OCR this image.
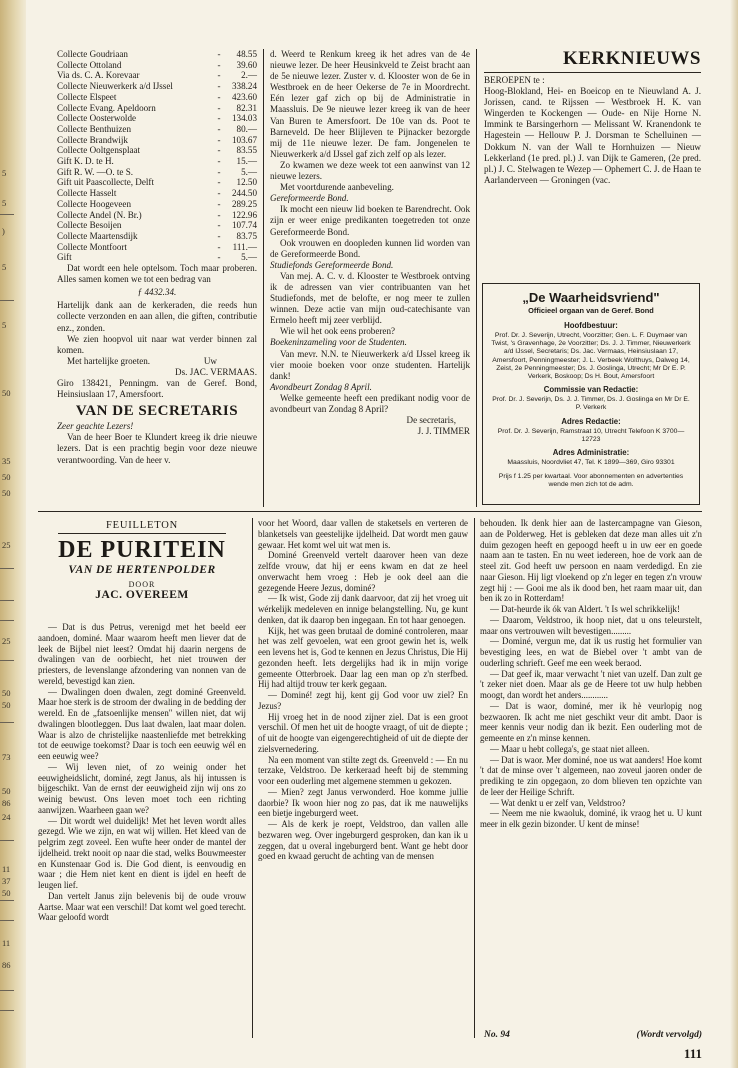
5
5
)
5
5
50
35
50
50
25
25
50
50
73
50
86
24
11
37
50
11
86
Collecte Goudriaan	-	48.55
Collecte Ottoland	-	39.60
Via ds. C. A. Korevaar	-	2.—
Collecte Nieuwerkerk a/d IJssel	-	338.24
Collecte Elspeet	-	423.60
Collecte Evang. Apeldoorn	-	82.31
Collecte Oosterwolde	-	134.03
Collecte Benthuizen	-	80.—
Collecte Brandwijk	-	103.67
Collecte Ooltgensplaat	-	83.55
Gift K. D. te H.	-	15.—
Gift R. W. —O. te S.	-	5.—
Gift uit Paascollecte, Delft	-	12.50
Collecte Hasselt	-	244.50
Collecte Hoogeveen	-	289.25
Collecte Andel (N. Br.)	-	122.96
Collecte Besoijen	-	107.74
Collecte Maartensdijk	-	83.75
Collecte Montfoort	-	111.—
Gift	-	5.—

Dat wordt een hele optelsom. Toch maar proberen. Alles samen komen we tot een bedrag van

ƒ 4432.34.

Hartelijk dank aan de kerkeraden, die reeds hun collecte verzonden en aan allen, die giften, contributie enz., zonden.

We zien hoopvol uit naar wat verder binnen zal komen.

Met hartelijke groeten.	Uw

Ds. JAC. VERMAAS.

Giro 138421, Penningm. van de Geref. Bond, Heinsiuslaan 17, Amersfoort.

VAN DE SECRETARIS

Zeer geachte Lezers!

Van de heer Boer te Klundert kreeg ik drie nieuwe lezers. Dat is een prachtig begin voor deze nieuwe verantwoording. Van de heer v.

d. Weerd te Renkum kreeg ik het adres van de 4e nieuwe lezer. De heer Heusinkveld te Zeist bracht aan de 5e nieuwe lezer. Zuster v. d. Klooster won de 6e in Westbroek en de heer Oekerse de 7e in Moordrecht. Eén lezer gaf zich op bij de Administratie in Maassluis. De 9e nieuwe lezer kreeg ik van de heer Van Buren te Amersfoort. De 10e van ds. Poot te Barneveld. De heer Blijleven te Pijnacker bezorgde mij de 11e nieuwe lezer. De fam. Jongenelen te Nieuwerkerk a/d IJssel gaf zich zelf op als lezer.

Zo kwamen we deze week tot een aanwinst van 12 nieuwe lezers.

Met voortdurende aanbeveling.

Gereformeerde Bond.

Ik mocht een nieuw lid boeken te Barendrecht. Ook zijn er weer enige predikanten toegetreden tot onze Gereformeerde Bond.

Ook vrouwen en doopleden kunnen lid worden van de Gereformeerde Bond.

Studiefonds Gereformeerde Bond.

Van mej. A. C. v. d. Klooster te Westbroek ontving ik de adressen van vier contribuanten van het Studiefonds, met de belofte, er nog meer te zullen winnen. Deze actie van mijn oud-catechisante van Ermelo heeft mij zeer verblijd.

Wie wil het ook eens proberen?

Boekeninzameling voor de Studenten.

Van mevr. N.N. te Nieuwerkerk a/d IJssel kreeg ik vier mooie boeken voor onze studenten. Hartelijk dank!

Avondbeurt Zondag 8 April.

Welke gemeente heeft een predikant nodig voor de avondbeurt van Zondag 8 April?

De secretaris,
J. J. TIMMER
KERKNIEUWS

BEROEPEN te :

Hoog-Blokland, Hei- en Boeicop en te Nieuwland A. J. Jorissen, cand. te Rijssen — Westbroek H. K. van Wingerden te Kockengen — Oude- en Nije Horne N. Immink te Barsingerhorn — Melissant W. Kranendonk te Hagestein — Hellouw P. J. Dorsman te Schelluinen — Dokkum N. van der Wall te Hornhuizen — Nieuw Lekkerland (1e pred. pl.) J. van Dijk te Gameren, (2e pred. pl.) J. C. Stelwagen te Wezep — Ophemert C. J. de Haan te Aarlanderveen — Groningen (vac.

„De Waarheidsvriend"
Officieel orgaan van de Geref. Bond
Hoofdbestuur:
Prof. Dr. J. Severijn, Utrecht, Voorzitter; Gen. L. F. Duymaer van Twist, 's Gravenhage, 2e Voorzitter; Ds. J. J. Timmer, Nieuwerkerk a/d IJssel, Secretaris; Ds. Jac. Vermaas, Heinsiuslaan 17, Amersfoort, Penningmeester; J. L. Verbeek Wolthuys, Dalweg 14, Zeist, 2e Penningmeester; Ds. J. Goslinga, Utrecht; Mr Dr E. P. Verkerk, Boskoop; Ds H. Bout, Amersfoort
Commissie van Redactie:
Prof. Dr. J. Severijn, Ds. J. J. Timmer, Ds. J. Goslinga en Mr Dr E. P. Verkerk
Adres Redactie:
Prof. Dr. J. Severijn, Ramstraat 10, Utrecht Telefoon K 3700—12723
Adres Administratie:
Maassluis, Noordvliet 47, Tel. K 1899—369, Giro 93301
Prijs f 1.25 per kwartaal. Voor abonnementen en advertenties wende men zich tot de adm.
FEUILLETON
DE PURITEIN
VAN DE HERTENPOLDER
DOOR
JAC. OVEREEM

— Dat is dus Petrus, verenigd met het beeld eer aandoen, dominé. Maar waarom heeft men liever dat de leek de Bijbel niet leest? Omdat hij daarin nergens de dwalingen van de oorbiecht, het niet trouwen der priesters, de levenslange afzondering van nonnen van de wereld, bevestigd kan zien.

— Dwalingen doen dwalen, zegt dominé Greenveld. Maar hoe sterk is de stroom der dwaling in de bedding der wereld. En de „fatsoenlijke mensen" willen niet, dat wij dwalingen blootleggen. Dus laat dwalen, laat maar dolen. Waar is alzo de christelijke naastenliefde met betrekking tot de eeuwige toekomst? Daar is toch een eeuwig wél en een eeuwig wee?

— Wij leven niet, of zo weinig onder het eeuwigheidslicht, dominé, zegt Janus, als hij intussen is bijgeschikt. Van de ernst der eeuwigheid zijn wij ons zo weinig bewust. Ons leven moet toch een richting aanwijzen. Waarheen gaan we?

— Dit wordt wel duidelijk! Met het leven wordt alles gezegd. Wie we zijn, en wat wij willen. Het kleed van de pelgrim zegt zoveel. Een wufte heer onder de mantel der ijdelheid. trekt nooit op naar die stad, welks Bouwmeester en Kunstenaar God is. Die God dient, is eenvoudig en waar ; die Hem niet kent en dient is ijdel en heeft de leugen lief.

Dan vertelt Janus zijn belevenis bij de oude vrouw Aartse. Maar wat een verschil! Dat komt wel goed terecht. Waar geloofd wordt

voor het Woord, daar vallen de staketsels en verteren de blanketsels van geestelijke ijdelheid. Dat wordt men gauw gewaar. Het komt wel uit wat men is.

Dominé Greenveld vertelt daarover heen van deze zelfde vrouw, dat hij er eens kwam en dat ze heel onverwacht hem vroeg : Heb je ook deel aan die gezegende Heere Jezus, dominé?

— Ik wist, Gode zij dank daarvoor, dat zij het vroeg uit wérkelijk medeleven en innige belangstelling. Nu, ge kunt denken, dat ik daarop ben ingegaan. En tot haar genoegen.

Kijk, het was geen brutaal de dominé controleren, maar het was zelf gevoelen, wat een groot gewin het is, welk een levens het is, God te kennen en Jezus Christus, Die Hij gezonden heeft. Iets dergelijks had ik in mijn vorige gemeente Otterbroek. Daar lag een man op z'n sterfbed. Hij had altijd trouw ter kerk gegaan.

— Dominé! zegt hij, kent gij God voor uw ziel? En Jezus?

Hij vroeg het in de nood zijner ziel. Dat is een groot verschil. Of men het uit de hoogte vraagt, of uit de diepte ; of uit de hoogte van eigengerechtigheid of uit de diepte der zielsvernedering.

Na een moment van stilte zegt ds. Greenveld : — En nu terzake, Veldstroo. De kerkeraad heeft bij de stemming voor een ouderling met algemene stemmen u gekozen.

— Mien? zegt Janus verwonderd. Hoe komme jullie daorbie? Ik woon hier nog zo pas, dat ik me nauwelijks een bietje ingeburgerd weet.

— Als de kerk je roept, Veldstroo, dan vallen alle bezwaren weg. Over ingeburgerd gesproken, dan kan ik u zeggen, dat u overal ingeburgerd bent. Want ge hebt door goed en kwaad gerucht de achting van de mensen

behouden. Ik denk hier aan de lastercampagne van Gieson, aan de Polderweg. Het is gebleken dat deze man alles uit z'n duim gezogen heeft en gepoogd heeft u in uw eer en goede naam aan te tasten. En nu weet iedereen, hoe de vork aan de steel zit. God heeft uw persoon en naam verdedigd. En zie naar Gieson. Hij ligt vloekend op z'n leger en tegen z'n vrouw zegt hij : — Gooi me als ik dood ben, het raam maar uit, dan ben ik zo in Rotterdam!

— Dat-heurde ik ók van Aldert. 't Is wel schrikkelijk!

— Daarom, Veldstroo, ik hoop niet, dat u ons teleurstelt, maar ons vertrouwen wilt bevestigen.........

— Dominé, vergun me, dat ik us rustig het formulier van bevestiging lees, en wat de Biebel over 't ambt van de ouderling schrieft. Geef me een week beraod.

— Dat geef ik, maar verwacht 't niet van uzelf. Dan zult ge 't zeker niet doen. Maar als ge de Heere tot uw hulp hebben moogt, dan wordt het anders............

— Dat is waor, dominé, mer ik hè veurlopig nog bezwaoren. Ik acht me niet geschikt veur dit ambt. Daor is meer kennis veur nodig dan ik bezit. Een ouderling mot de gemeente en z'n minse kennen.

— Maar u hebt collega's, ge staat niet alleen.

— Dat is waor. Mer dominé, noe us wat aanders! Hoe komt 't dat de minse over 't algemeen, nao zoveul jaoren onder de prediking te zin opgegaon, zo dom blieven ten opzichte van de leer der Heilige Schrift.

— Wat denkt u er zelf van, Veldstroo?

— Neem me nie kwaoluk, dominé, ik vraog het u. U kunt meer in elk gezin bizonder. U kent de minse!

No. 94	(Wordt vervolgd)
111
